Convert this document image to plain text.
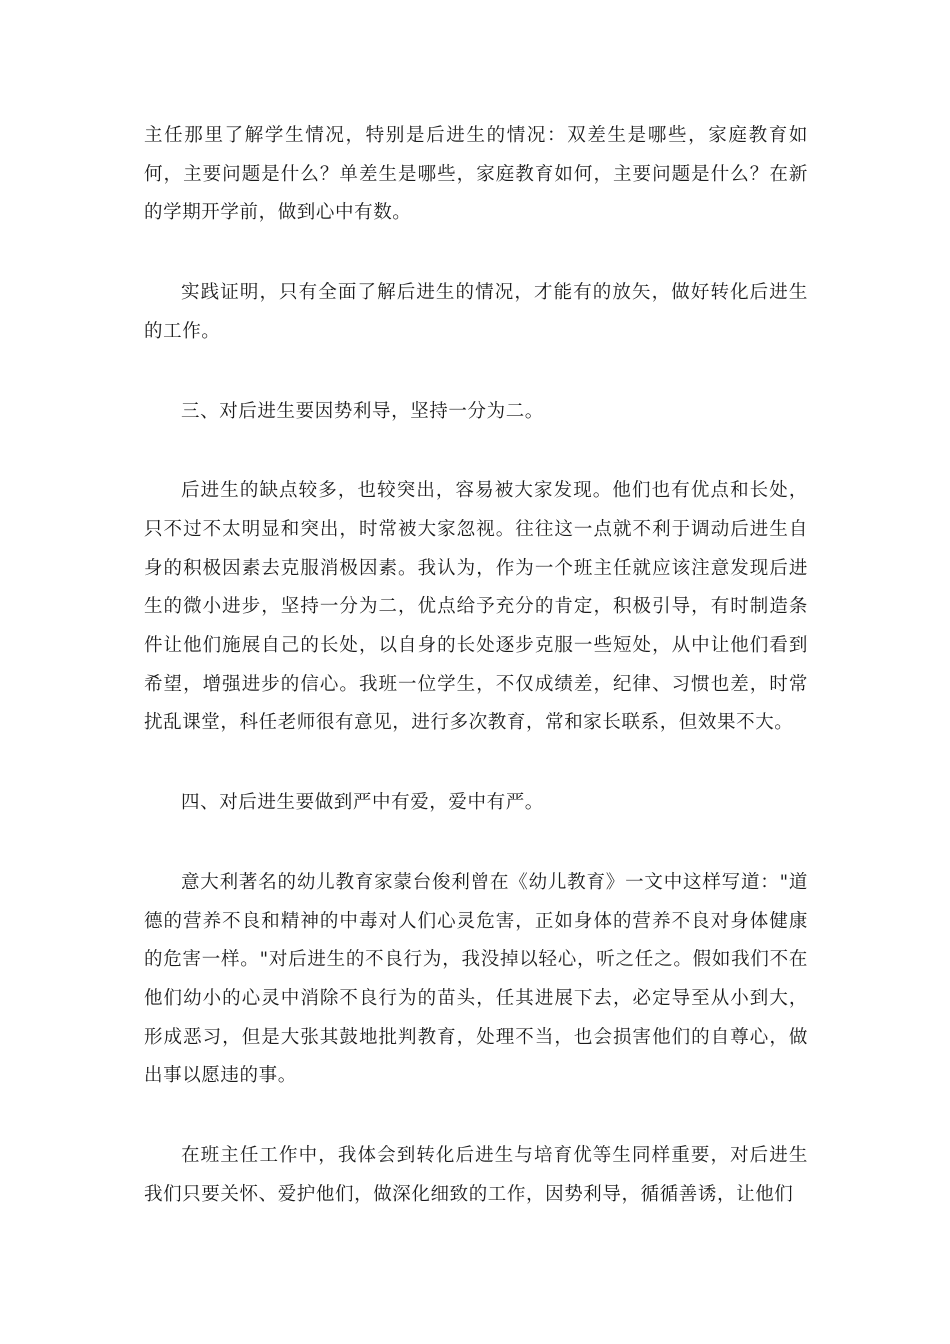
主任那里了解学生情况，特别是后进生的情况：双差生是哪些，家庭教育如何，主要问题是什么？单差生是哪些，家庭教育如何，主要问题是什么？在新的学期开学前，做到心中有数。

实践证明，只有全面了解后进生的情况，才能有的放矢，做好转化后进生的工作。

三、对后进生要因势利导，坚持一分为二。

后进生的缺点较多，也较突出，容易被大家发现。他们也有优点和长处，只不过不太明显和突出，时常被大家忽视。往往这一点就不利于调动后进生自身的积极因素去克服消极因素。我认为，作为一个班主任就应该注意发现后进生的微小进步，坚持一分为二，优点给予充分的肯定，积极引导，有时制造条件让他们施展自己的长处，以自身的长处逐步克服一些短处，从中让他们看到希望，增强进步的信心。我班一位学生，不仅成绩差，纪律、习惯也差，时常扰乱课堂，科任老师很有意见，进行多次教育，常和家长联系，但效果不大。

四、对后进生要做到严中有爱，爱中有严。

意大利著名的幼儿教育家蒙台俊利曾在《幼儿教育》一文中这样写道："道德的营养不良和精神的中毒对人们心灵危害，正如身体的营养不良对身体健康的危害一样。"对后进生的不良行为，我没掉以轻心，听之任之。假如我们不在他们幼小的心灵中消除不良行为的苗头，任其进展下去，必定导至从小到大，形成恶习，但是大张其鼓地批判教育，处理不当，也会损害他们的自尊心，做出事以愿违的事。

在班主任工作中，我体会到转化后进生与培育优等生同样重要，对后进生我们只要关怀、爱护他们，做深化细致的工作，因势利导，循循善诱，让他们
